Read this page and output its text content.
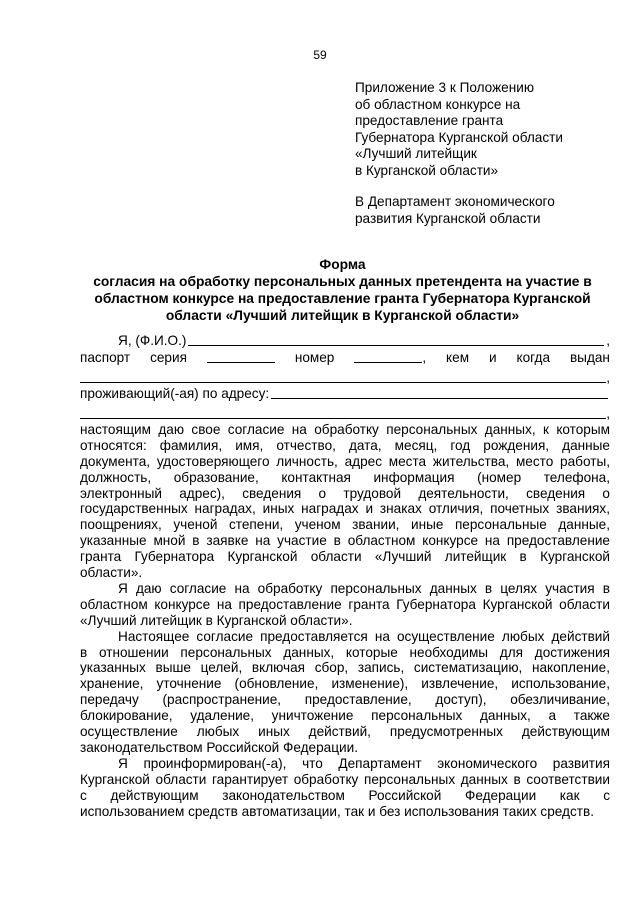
59
Приложение 3 к Положению
об областном конкурсе на
предоставление гранта
Губернатора Курганской области
«Лучший литейщик
в Курганской области»
В Департамент экономического
развития Курганской области
Форма
согласия на обработку персональных данных претендента на участие в
областном конкурсе на предоставление гранта Губернатора Курганской
области «Лучший литейщик в Курганской области»
Я, (Ф.И.О.)	,
паспорт серия	номер	, кем и когда выдан
,
проживающий(-ая) по адресу:
,
настоящим даю свое согласие на обработку персональных данных, к которым
относятся: фамилия, имя, отчество, дата, месяц, год рождения, данные
документа, удостоверяющего личность, адрес места жительства, место работы,
должность, образование, контактная информация (номер телефона,
электронный адрес), сведения о трудовой деятельности, сведения о
государственных наградах, иных наградах и знаках отличия, почетных званиях,
поощрениях, ученой степени, ученом звании, иные персональные данные,
указанные мной в заявке на участие в областном конкурсе на предоставление
гранта Губернатора Курганской области «Лучший литейщик в Курганской
области».
Я даю согласие на обработку персональных данных в целях участия в
областном конкурсе на предоставление гранта Губернатора Курганской области
«Лучший литейщик в Курганской области».
Настоящее согласие предоставляется на осуществление любых действий
в отношении персональных данных, которые необходимы для достижения
указанных выше целей, включая сбор, запись, систематизацию, накопление,
хранение, уточнение (обновление, изменение), извлечение, использование,
передачу (распространение, предоставление, доступ), обезличивание,
блокирование, удаление, уничтожение персональных данных, а также
осуществление любых иных действий, предусмотренных действующим
законодательством Российской Федерации.
Я проинформирован(-а), что Департамент экономического развития
Курганской области гарантирует обработку персональных данных в соответствии
с действующим законодательством Российской Федерации как с
использованием средств автоматизации, так и без использования таких средств.
